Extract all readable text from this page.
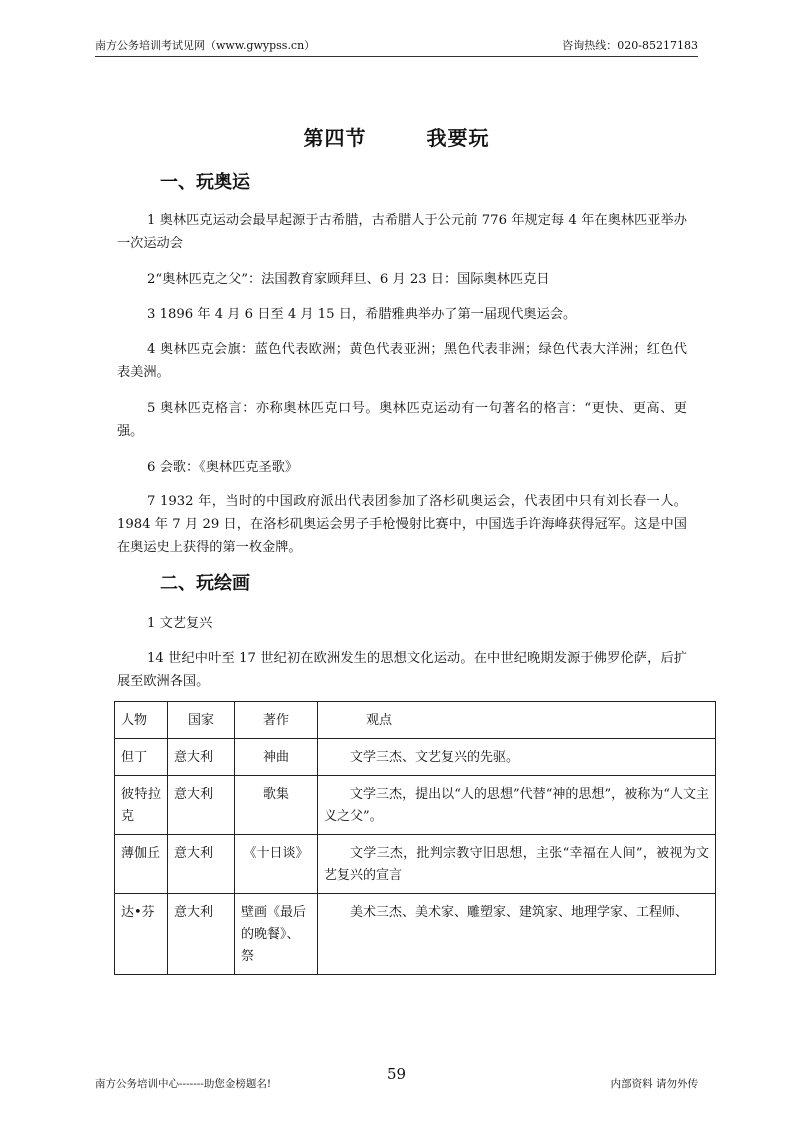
南方公务培训考试见网（www.gwypss.cn）	咨询热线：020-85217183
第四节	我要玩
一、玩奥运
1 奥林匹克运动会最早起源于古希腊，古希腊人于公元前 776 年规定每 4 年在奥林匹亚举办一次运动会
2“奥林匹克之父”：法国教育家顾拜旦、6 月 23 日：国际奥林匹克日
3 1896 年 4 月 6 日至 4 月 15 日，希腊雅典举办了第一届现代奥运会。
4 奥林匹克会旗：蓝色代表欧洲；黄色代表亚洲；黑色代表非洲；绿色代表大洋洲；红色代表美洲。
5 奥林匹克格言：亦称奥林匹克口号。奥林匹克运动有一句著名的格言：“更快、更高、更强。
6 会歌：《奥林匹克圣歌》
7 1932 年，当时的中国政府派出代表团参加了洛杉矶奥运会，代表团中只有刘长春一人。1984 年 7 月 29 日，在洛杉矶奥运会男子手枪慢射比赛中，中国选手许海峰获得冠军。这是中国在奥运史上获得的第一枚金牌。
二、玩绘画
1 文艺复兴
14 世纪中叶至 17 世纪初在欧洲发生的思想文化运动。在中世纪晚期发源于佛罗伦萨，后扩展至欧洲各国。
人物	国家	著作	观点
但丁	意大利	神曲	文学三杰、文艺复兴的先驱。
彼特拉克	意大利	歌集	文学三杰，提出以“人的思想”代替“神的思想”，被称为“人文主义之父”。
薄伽丘	意大利	《十日谈》	文学三杰，批判宗教守旧思想，主张“幸福在人间”，被视为文艺复兴的宣言
达•芬	意大利	壁画《最后的晚餐》、祭	美术三杰、美术家、雕塑家、建筑家、地理学家、工程师、
南方公务培训中心-------助您金榜题名!
59
内部资料 请勿外传
